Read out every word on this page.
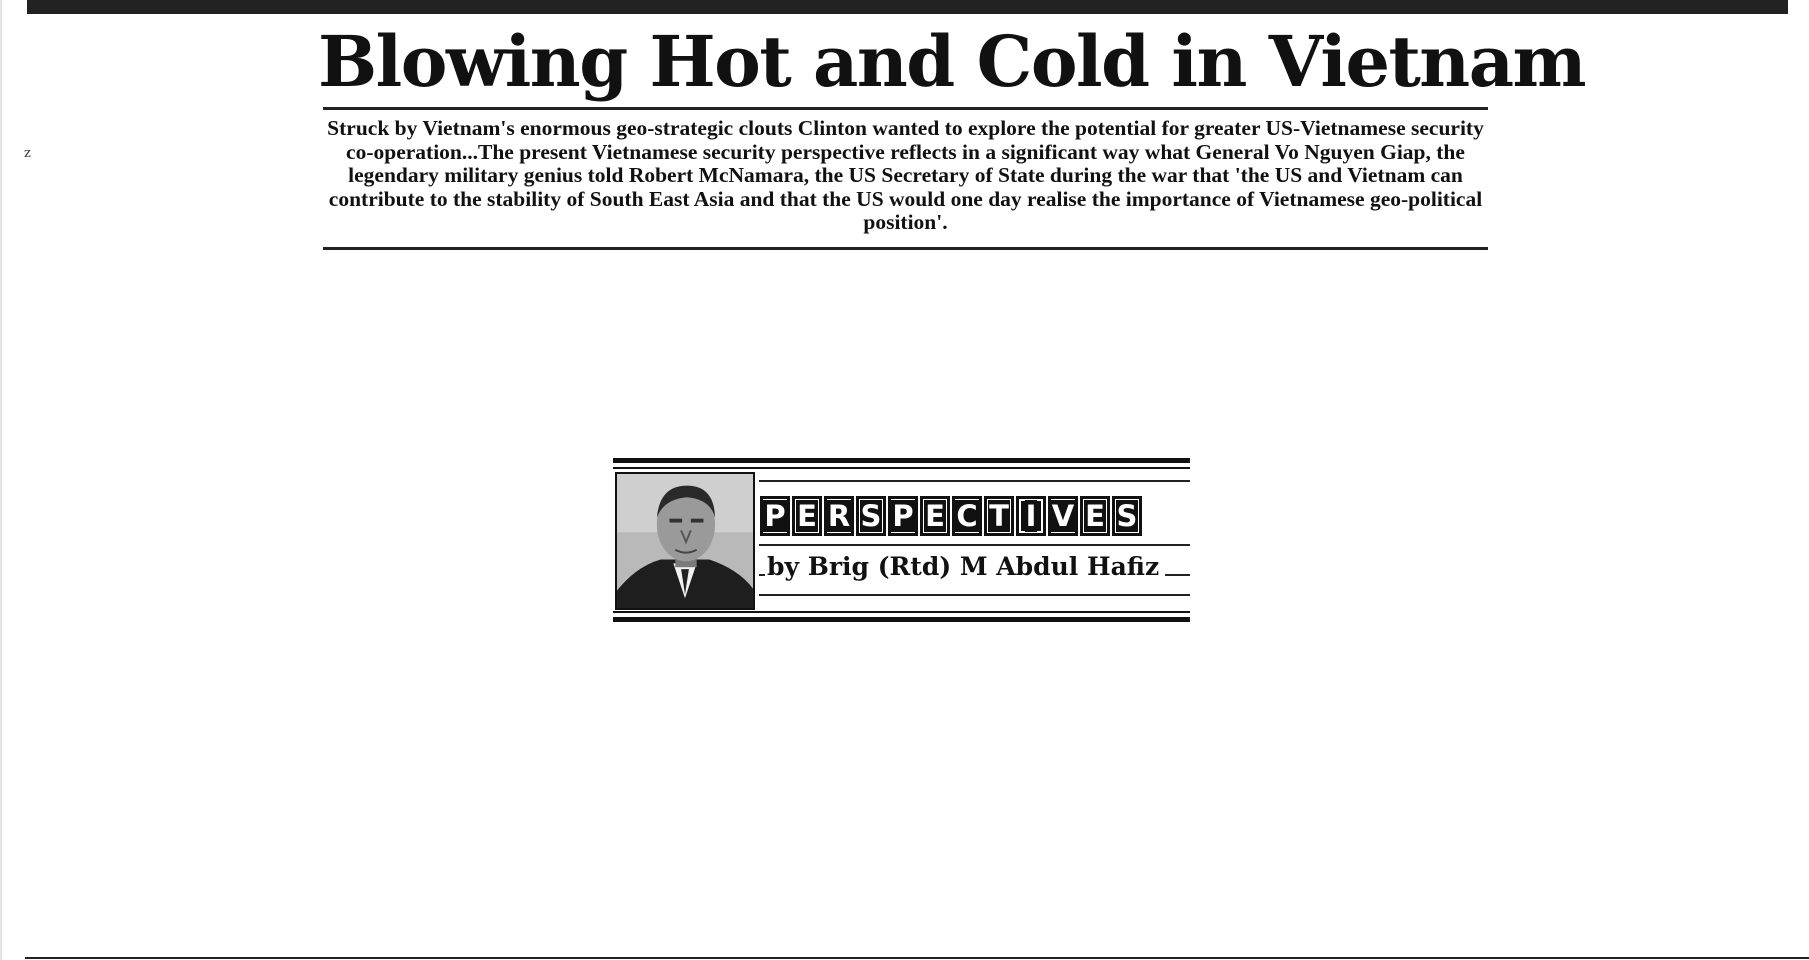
z
Blowing Hot and Cold in Vietnam

Struck by Vietnam's enormous geo-strategic clouts Clinton wanted to explore the potential for greater US-Vietnamese security co-operation...The present Vietnamese security perspective reflects in a significant way what General Vo Nguyen Giap, the legendary military genius told Robert McNamara, the US Secretary of State during the war that 'the US and Vietnam can contribute to the stability of South East Asia and that the US would one day realise the importance of Vietnamese geo-political position'.

P E R S P E C T I V E S
by Brig (Rtd) M Abdul Hafiz
